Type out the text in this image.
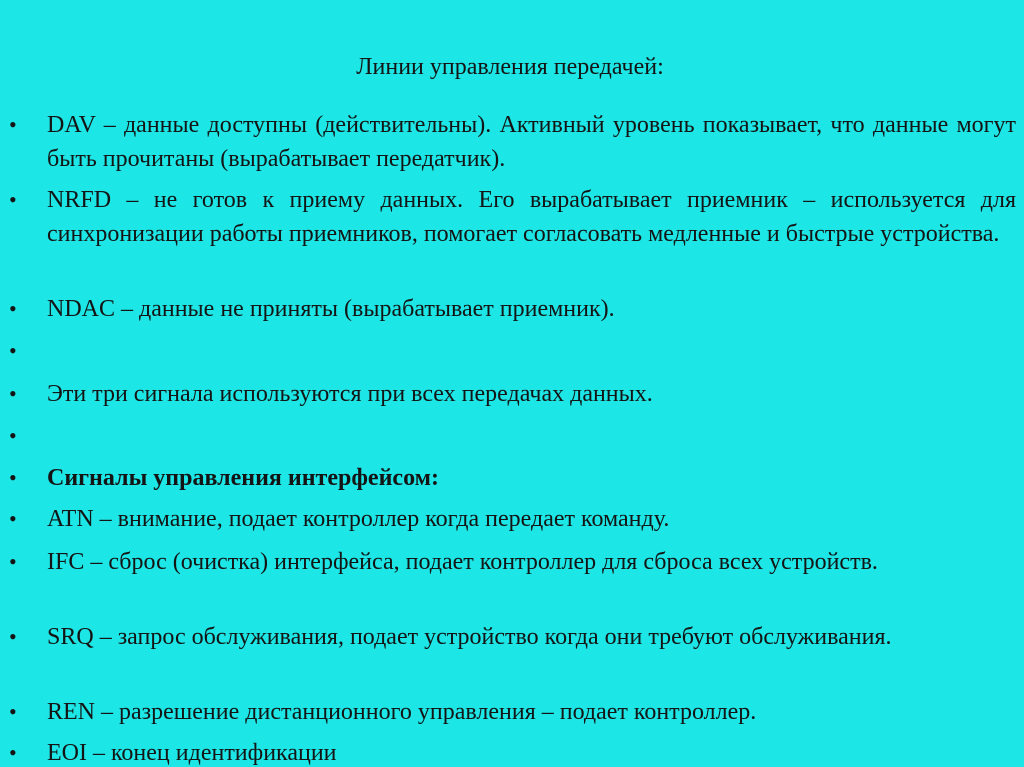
Линии управления передачей:
• DAV – данные доступны (действительны). Активный уровень показывает, что данные могут быть прочитаны (вырабатывает передатчик).
• NRFD – не готов к приему данных. Его вырабатывает приемник – используется для синхронизации работы приемников, помогает согласовать медленные и быстрые устройства.
• NDAC – данные не приняты (вырабатывает приемник).
•
• Эти три сигнала используются при всех передачах данных.
•
• Сигналы управления интерфейсом:
• ATN – внимание, подает контроллер когда передает команду.
• IFC – сброс (очистка) интерфейса, подает контроллер для сброса всех устройств.
• SRQ – запрос обслуживания, подает устройство когда они требуют обслуживания.
• REN – разрешение дистанционного управления – подает контроллер.
• EOI – конец идентификации
